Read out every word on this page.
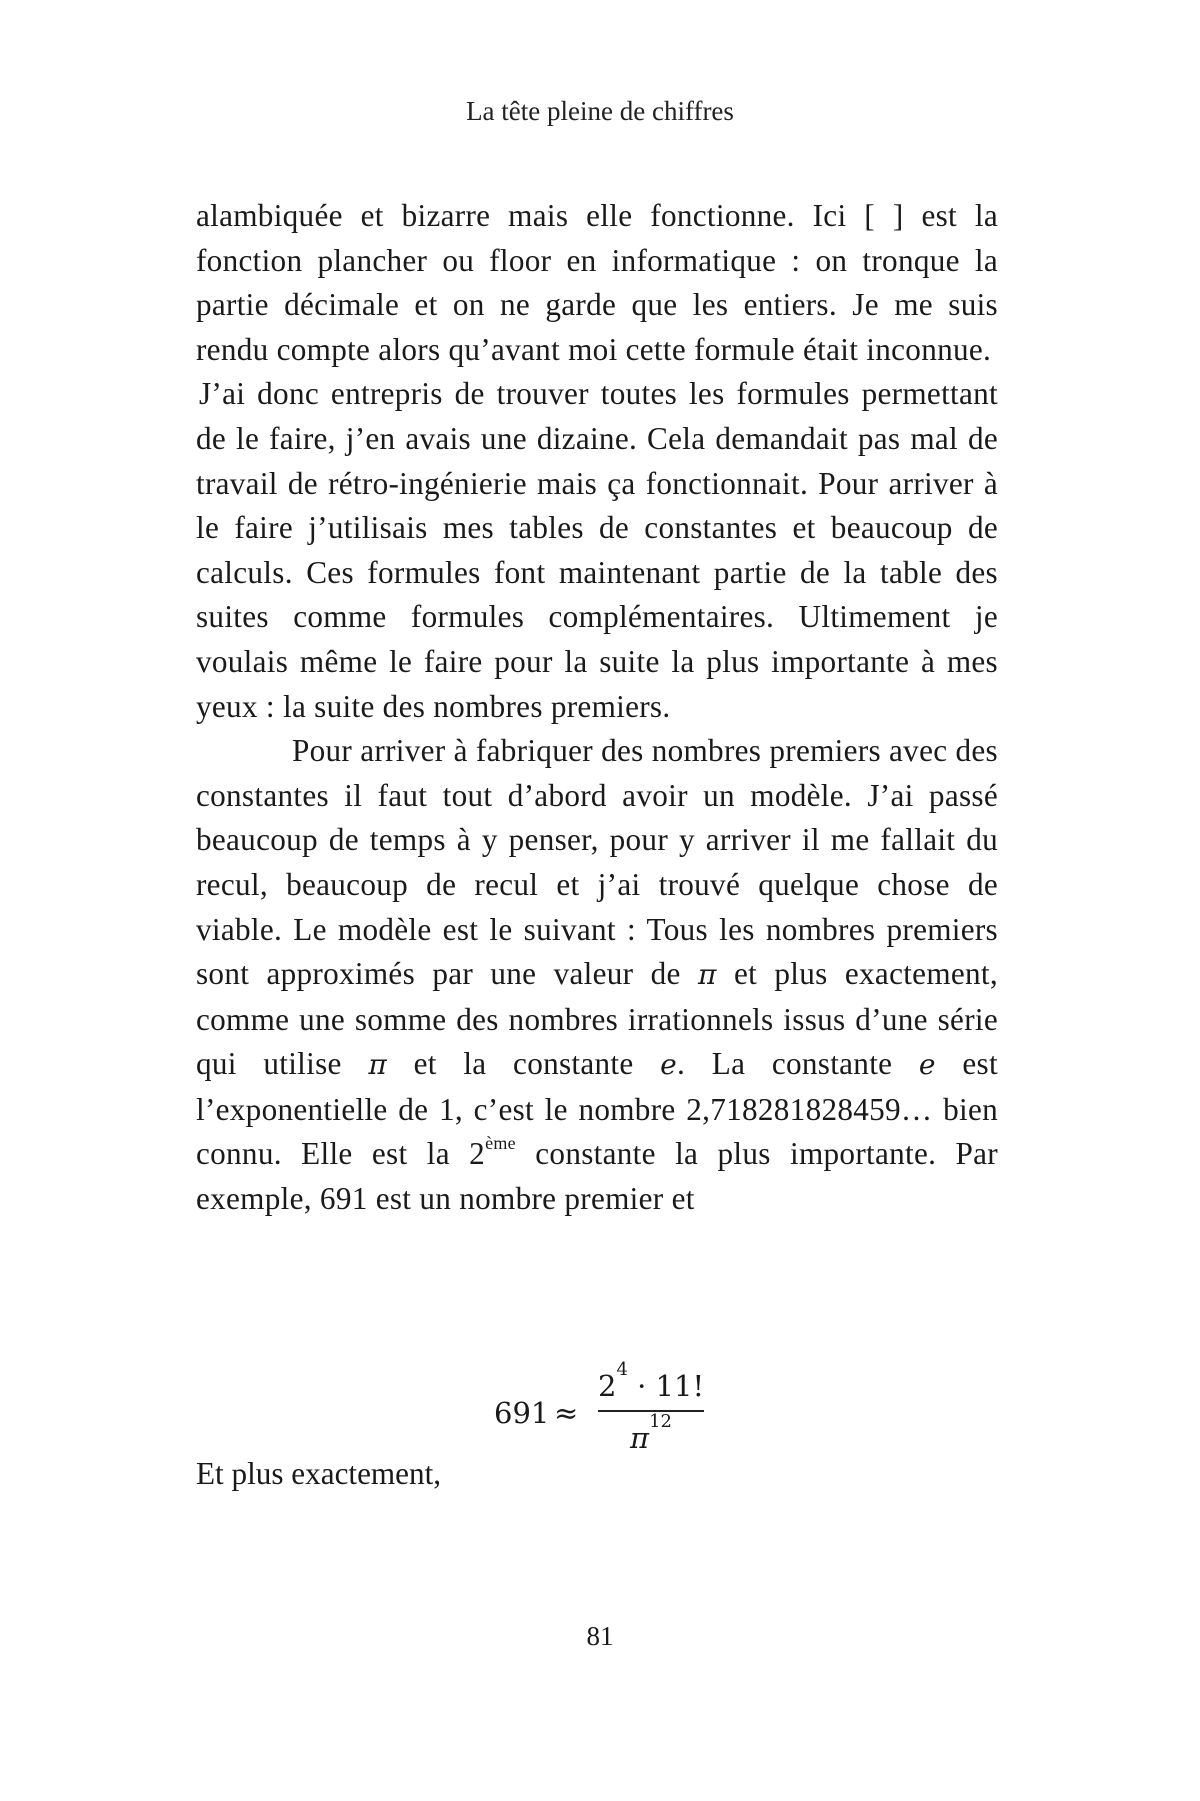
La tête pleine de chiffres

alambiquée et bizarre mais elle fonctionne. Ici [ ] est la fonction plancher ou floor en informatique : on tronque la partie décimale et on ne garde que les entiers. Je me suis rendu compte alors qu’avant moi cette formule était inconnue.

J’ai donc entrepris de trouver toutes les formules permettant de le faire, j’en avais une dizaine. Cela demandait pas mal de travail de rétro-ingénierie mais ça fonctionnait. Pour arriver à le faire j’utilisais mes tables de constantes et beaucoup de calculs. Ces formules font maintenant partie de la table des suites comme formules complémentaires. Ultimement je voulais même le faire pour la suite la plus importante à mes yeux : la suite des nombres premiers.

Pour arriver à fabriquer des nombres premiers avec des constantes il faut tout d’abord avoir un modèle. J’ai passé beaucoup de temps à y penser, pour y arriver il me fallait du recul, beaucoup de recul et j’ai trouvé quelque chose de viable. Le modèle est le suivant : Tous les nombres premiers sont approximés par une valeur de π et plus exactement, comme une somme des nombres irrationnels issus d’une série qui utilise π et la constante e. La constante e est l’exponentielle de 1, c’est le nombre 2,718281828459… bien connu. Elle est la 2ème constante la plus importante. Par exemple, 691 est un nombre premier et

691 ≈
$2^4 \cdot 11$!
$\pi^{12}$
Et plus exactement,
81
